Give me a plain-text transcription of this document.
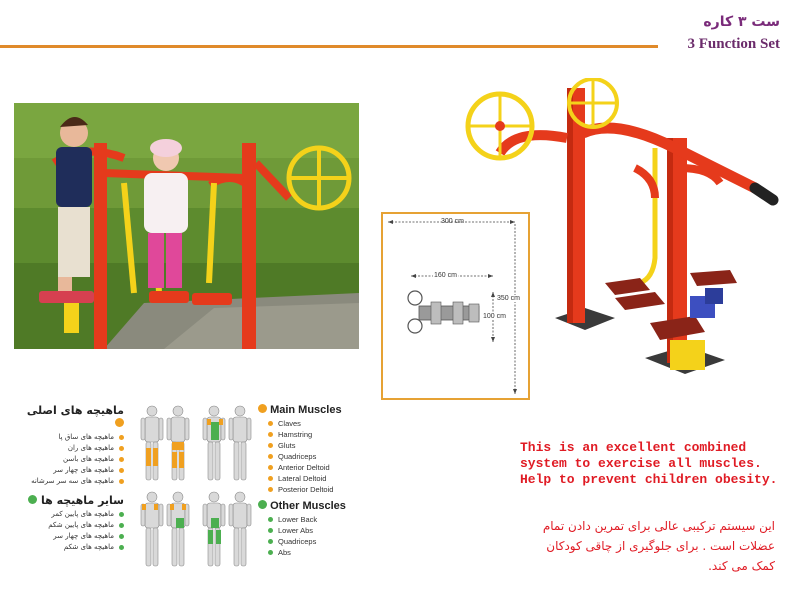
ست ۳ کاره
3 Function Set
300 cm
160 cm
350 cm
100 cm
ماهیچه های اصلی
ماهیچه های ساق پا
ماهیچه های ران
ماهیچه های باسن
ماهیچه های چهار سر
ماهیچه های سه سر سرشانه
Main Muscles
Claves
Hamstring
Gluts
Quadriceps
Anterior Deltoid
Lateral Deltoid
Posterior Deltoid
سایر ماهیچه ها
ماهیچه های پایین کمر
ماهیچه های پایین شکم
ماهیچه های چهار سر
ماهیچه های شکم
Other Muscles
Lower Back
Lower Abs
Quadriceps
Abs
This is an excellent combined
system to exercise all muscles.
Help to prevent children obesity.
این سیستم ترکیبی عالی برای تمرین دادن تمام
عضلات است . برای جلوگیری از چاقی کودکان
کمک می کند.
